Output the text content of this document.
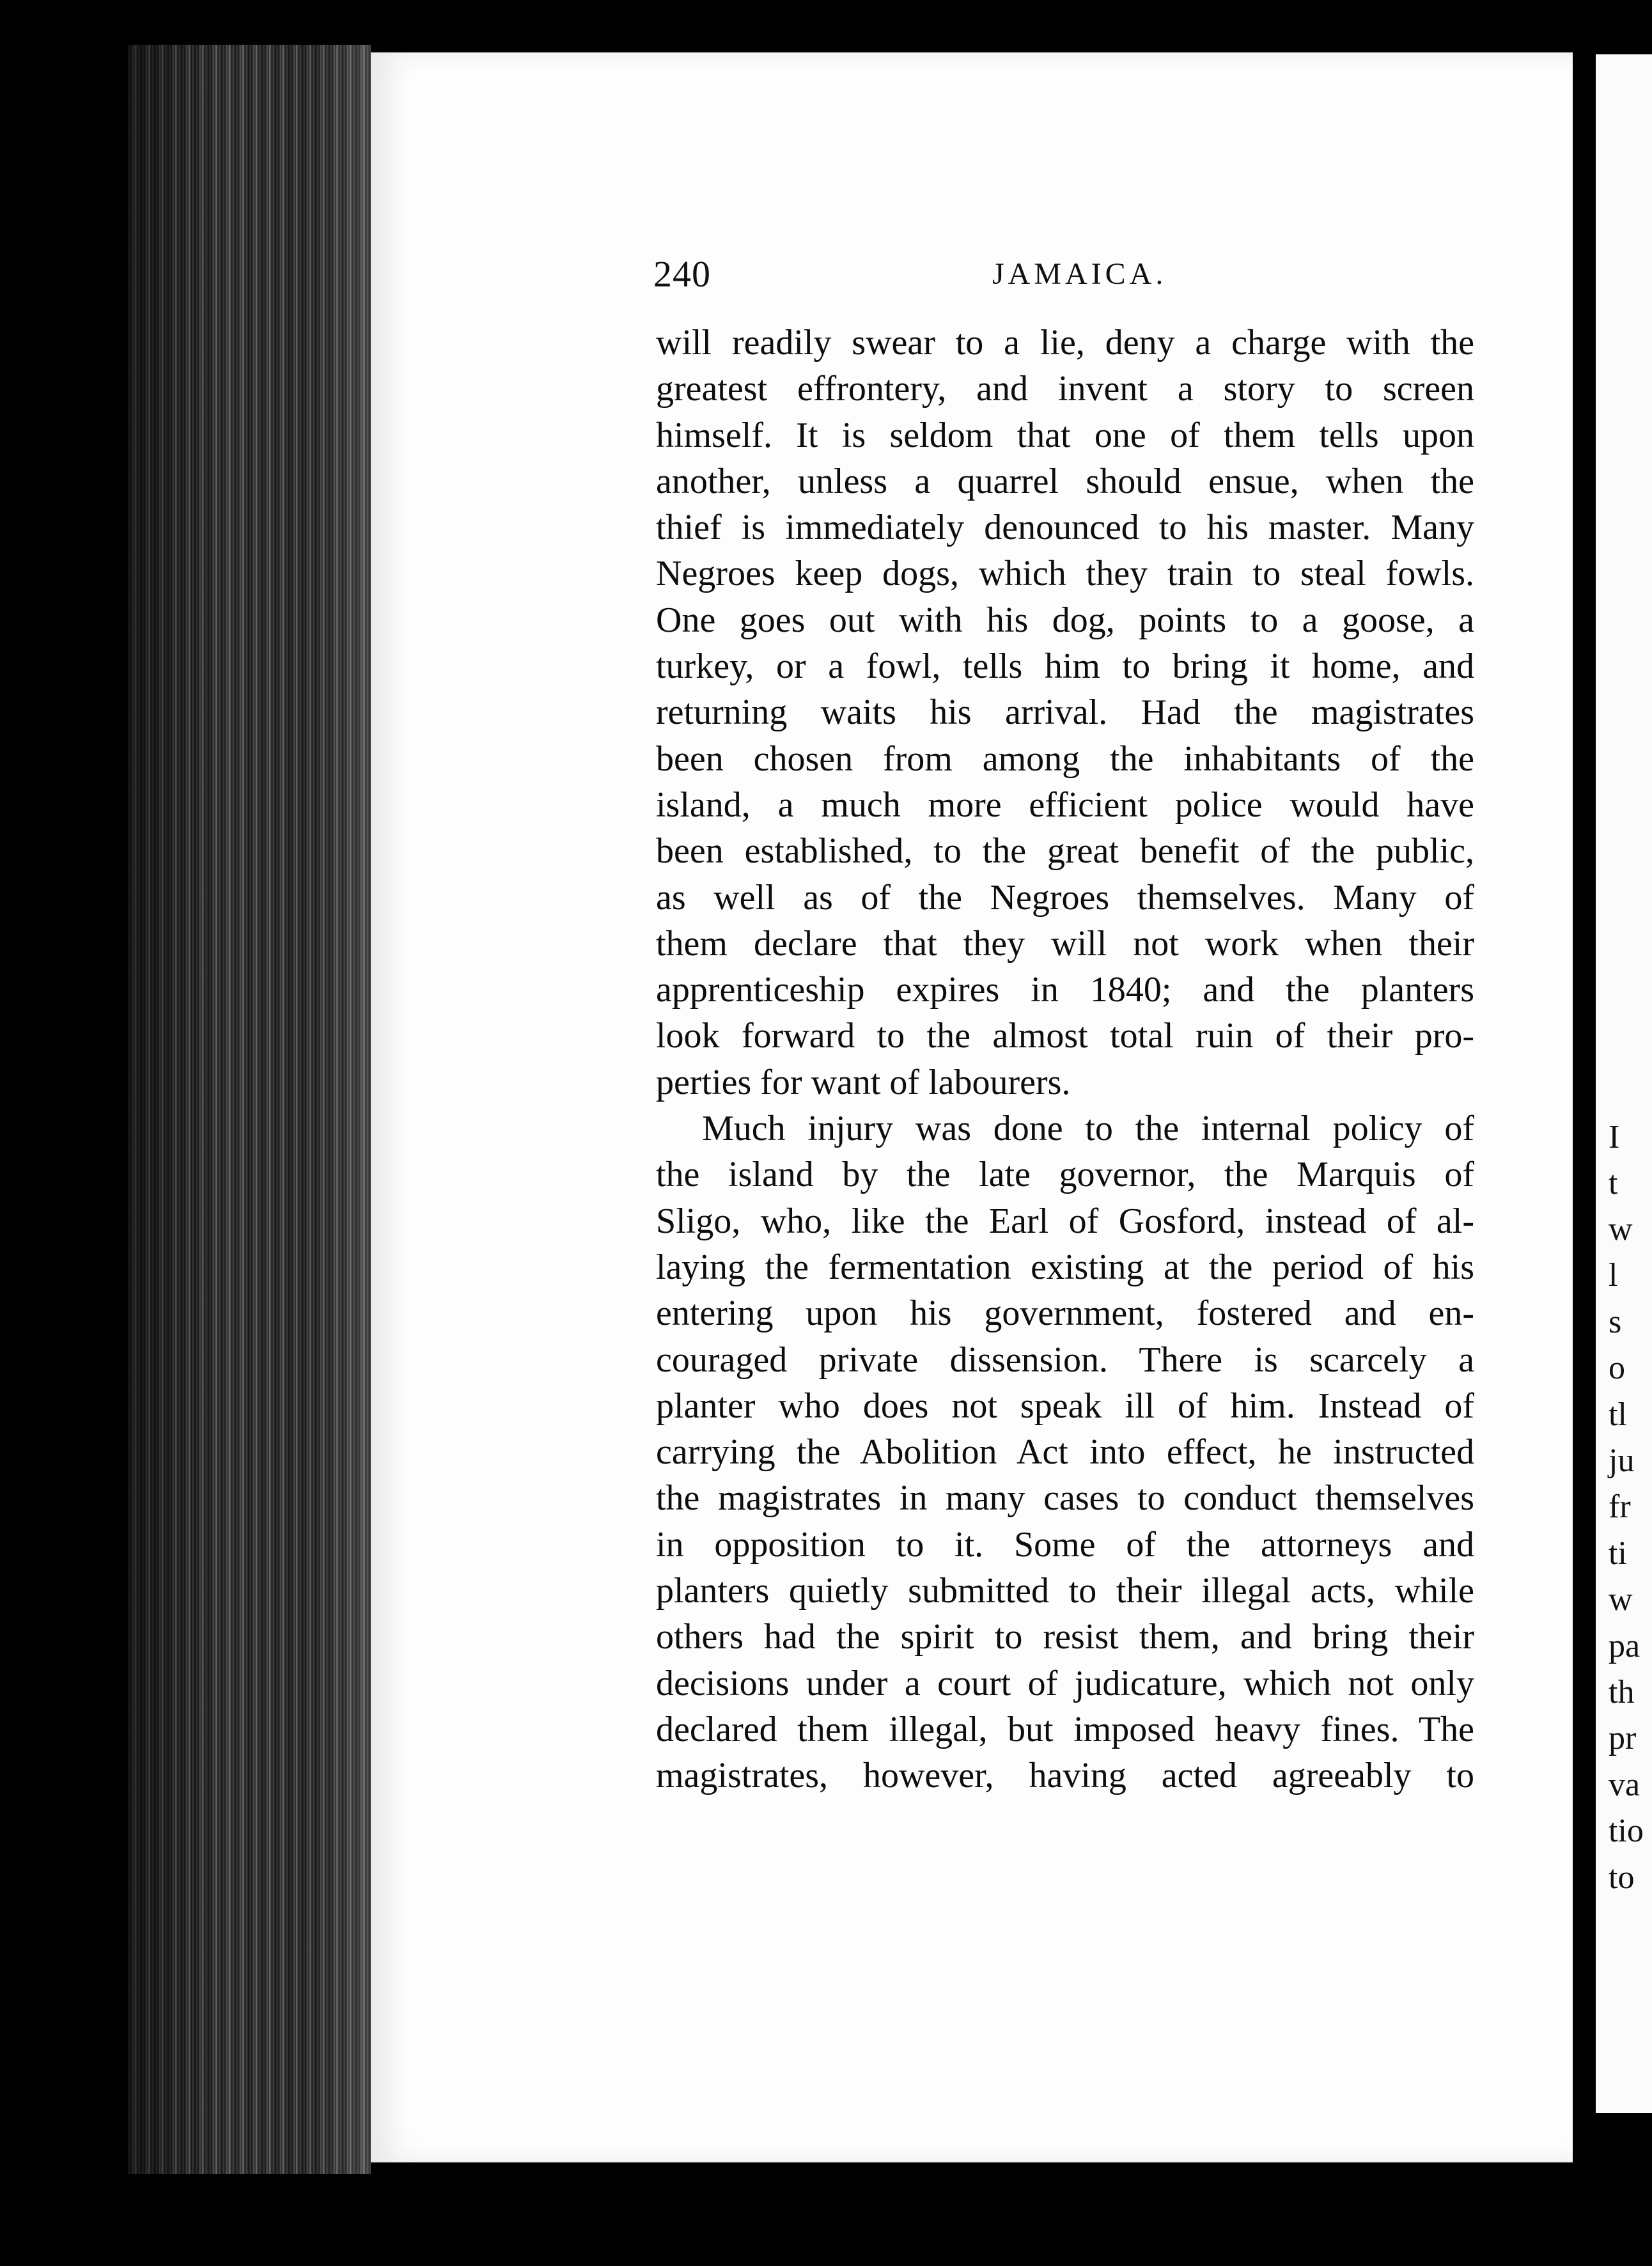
I
t
w
l
s
o
tl
ju
fr
ti
w
pa
th
pr
va
tio
to
240	JAMAICA.
will readily swear to a lie, deny a charge with the
greatest effrontery, and invent a story to screen
himself. It is seldom that one of them tells upon
another, unless a quarrel should ensue, when the
thief is immediately denounced to his master. Many
Negroes keep dogs, which they train to steal fowls.
One goes out with his dog, points to a goose, a
turkey, or a fowl, tells him to bring it home, and
returning waits his arrival. Had the magistrates
been chosen from among the inhabitants of the
island, a much more efficient police would have
been established, to the great benefit of the public,
as well as of the Negroes themselves. Many of
them declare that they will not work when their
apprenticeship expires in 1840; and the planters
look forward to the almost total ruin of their pro-
perties for want of labourers.
Much injury was done to the internal policy of
the island by the late governor, the Marquis of
Sligo, who, like the Earl of Gosford, instead of al-
laying the fermentation existing at the period of his
entering upon his government, fostered and en-
couraged private dissension. There is scarcely a
planter who does not speak ill of him. Instead of
carrying the Abolition Act into effect, he instructed
the magistrates in many cases to conduct themselves
in opposition to it. Some of the attorneys and
planters quietly submitted to their illegal acts, while
others had the spirit to resist them, and bring their
decisions under a court of judicature, which not only
declared them illegal, but imposed heavy fines. The
magistrates, however, having acted agreeably to
